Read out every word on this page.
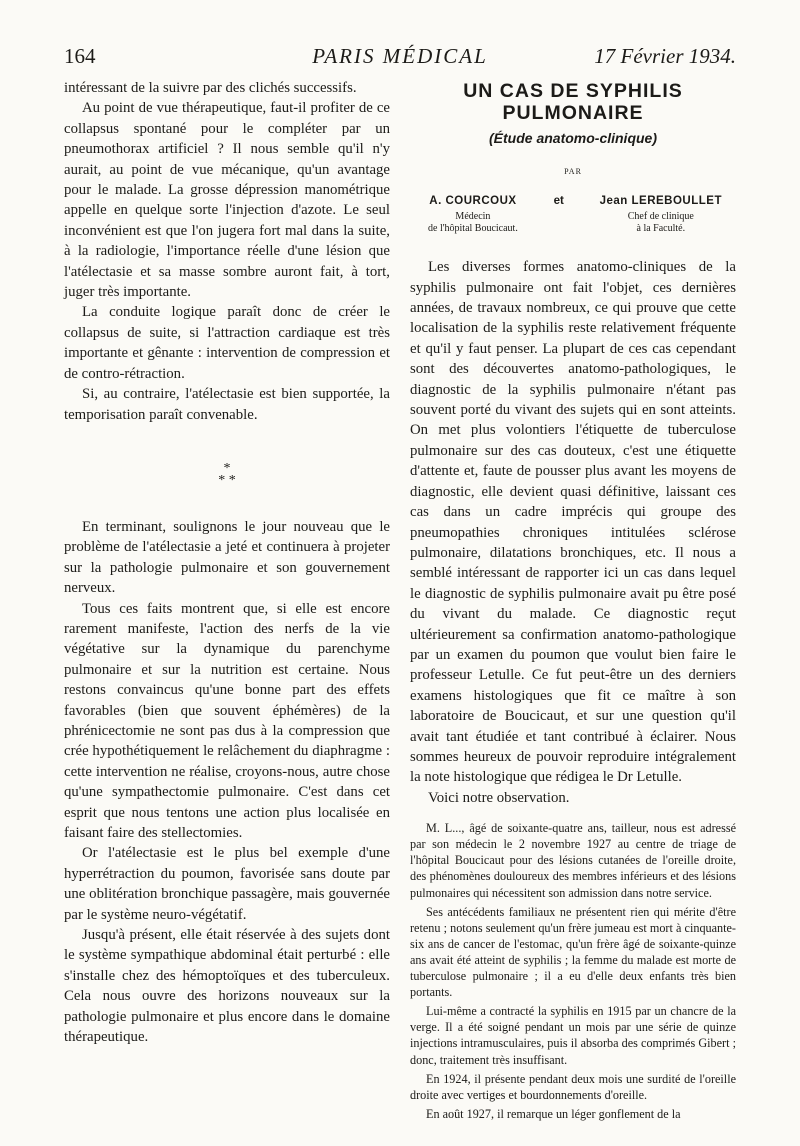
164	PARIS MÉDICAL	17 Février 1934.

intéressant de la suivre par des clichés successifs.

Au point de vue thérapeutique, faut-il profiter de ce collapsus spontané pour le compléter par un pneumothorax artificiel ? Il nous semble qu'il n'y aurait, au point de vue mécanique, qu'un avantage pour le malade. La grosse dépression manométrique appelle en quelque sorte l'injection d'azote. Le seul inconvénient est que l'on jugera fort mal dans la suite, à la radiologie, l'importance réelle d'une lésion que l'atélectasie et sa masse sombre auront fait, à tort, juger très importante.

La conduite logique paraît donc de créer le collapsus de suite, si l'attraction cardiaque est très importante et gênante : intervention de compression et de contro-rétraction.

Si, au contraire, l'atélectasie est bien supportée, la temporisation paraît convenable.

*
* *

En terminant, soulignons le jour nouveau que le problème de l'atélectasie a jeté et continuera à projeter sur la pathologie pulmonaire et son gouvernement nerveux.

Tous ces faits montrent que, si elle est encore rarement manifeste, l'action des nerfs de la vie végétative sur la dynamique du parenchyme pulmonaire et sur la nutrition est certaine. Nous restons convaincus qu'une bonne part des effets favorables (bien que souvent éphémères) de la phrénicectomie ne sont pas dus à la compression que crée hypothétiquement le relâchement du diaphragme : cette intervention ne réalise, croyons-nous, autre chose qu'une sympathectomie pulmonaire. C'est dans cet esprit que nous tentons une action plus localisée en faisant faire des stellectomies.

Or l'atélectasie est le plus bel exemple d'une hyperrétraction du poumon, favorisée sans doute par une oblitération bronchique passagère, mais gouvernée par le système neuro-végétatif.

Jusqu'à présent, elle était réservée à des sujets dont le système sympathique abdominal était perturbé : elle s'installe chez des hémoptoïques et des tuberculeux. Cela nous ouvre des horizons nouveaux sur la pathologie pulmonaire et plus encore dans le domaine thérapeutique.

UN CAS DE SYPHILIS
PULMONAIRE
(Étude anatomo-clinique)
PAR
A. COURCOUX
Médecin
de l'hôpital Boucicaut.
et	Jean LEREBOULLET
Chef de clinique
à la Faculté.

Les diverses formes anatomo-cliniques de la syphilis pulmonaire ont fait l'objet, ces dernières années, de travaux nombreux, ce qui prouve que cette localisation de la syphilis reste relativement fréquente et qu'il y faut penser. La plupart de ces cas cependant sont des découvertes anatomo-pathologiques, le diagnostic de la syphilis pulmonaire n'étant pas souvent porté du vivant des sujets qui en sont atteints. On met plus volontiers l'étiquette de tuberculose pulmonaire sur des cas douteux, c'est une étiquette d'attente et, faute de pousser plus avant les moyens de diagnostic, elle devient quasi définitive, laissant ces cas dans un cadre imprécis qui groupe des pneumopathies chroniques intitulées sclérose pulmonaire, dilatations bronchiques, etc. Il nous a semblé intéressant de rapporter ici un cas dans lequel le diagnostic de syphilis pulmonaire avait pu être posé du vivant du malade. Ce diagnostic reçut ultérieurement sa confirmation anatomo-pathologique par un examen du poumon que voulut bien faire le professeur Letulle. Ce fut peut-être un des derniers examens histologiques que fit ce maître à son laboratoire de Boucicaut, et sur une question qu'il avait tant étudiée et tant contribué à éclairer. Nous sommes heureux de pouvoir reproduire intégralement la note histologique que rédigea le Dr Letulle.

Voici notre observation.

M. L..., âgé de soixante-quatre ans, tailleur, nous est adressé par son médecin le 2 novembre 1927 au centre de triage de l'hôpital Boucicaut pour des lésions cutanées de l'oreille droite, des phénomènes douloureux des membres inférieurs et des lésions pulmonaires qui nécessitent son admission dans notre service.

Ses antécédents familiaux ne présentent rien qui mérite d'être retenu ; notons seulement qu'un frère jumeau est mort à cinquante-six ans de cancer de l'estomac, qu'un frère âgé de soixante-quinze ans avait été atteint de syphilis ; la femme du malade est morte de tuberculose pulmonaire ; il a eu d'elle deux enfants très bien portants.

Lui-même a contracté la syphilis en 1915 par un chancre de la verge. Il a été soigné pendant un mois par une série de quinze injections intramusculaires, puis il absorba des comprimés Gibert ; donc, traitement très insuffisant.

En 1924, il présente pendant deux mois une surdité de l'oreille droite avec vertiges et bourdonnements d'oreille.

En août 1927, il remarque un léger gonflement de la
